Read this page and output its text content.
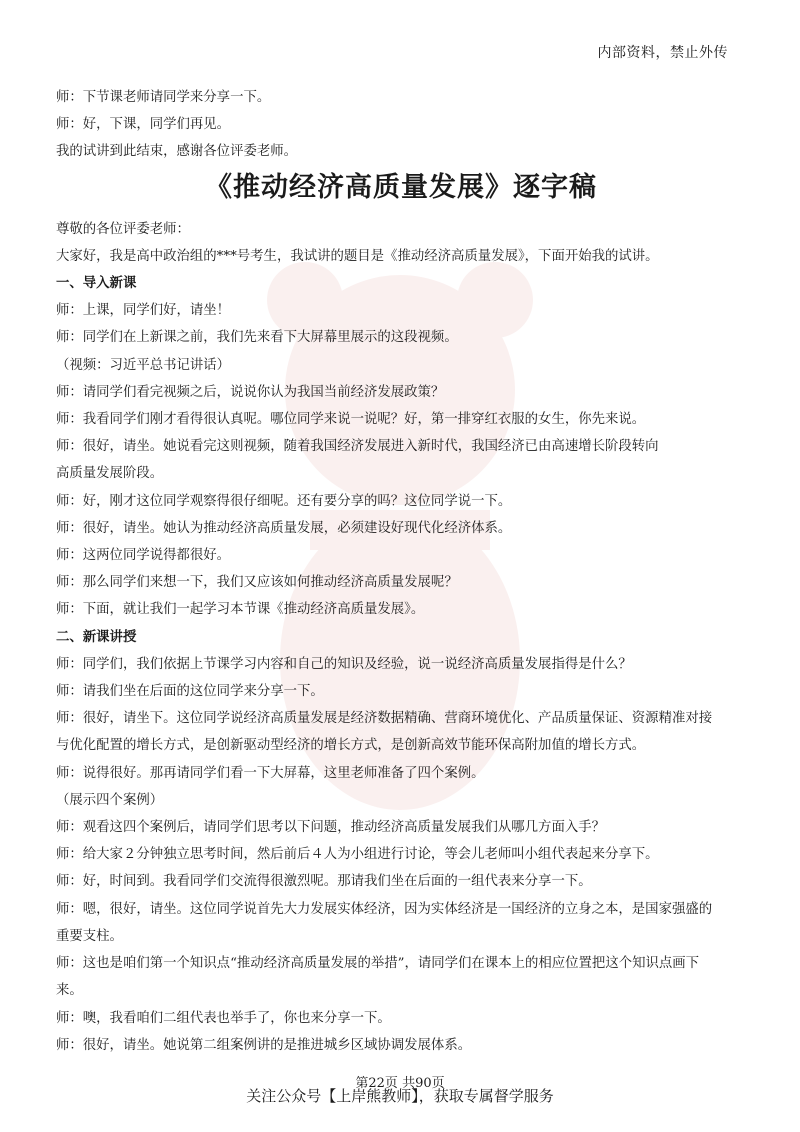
内部资料，禁止外传
师：下节课老师请同学来分享一下。
师：好，下课，同学们再见。
我的试讲到此结束，感谢各位评委老师。
《推动经济高质量发展》逐字稿
尊敬的各位评委老师：
大家好，我是高中政治组的***号考生，我试讲的题目是《推动经济高质量发展》，下面开始我的试讲。
一、导入新课
师：上课，同学们好，请坐！
师：同学们在上新课之前，我们先来看下大屏幕里展示的这段视频。
（视频：习近平总书记讲话）
师：请同学们看完视频之后，说说你认为我国当前经济发展政策？
师：我看同学们刚才看得很认真呢。哪位同学来说一说呢？好，第一排穿红衣服的女生，你先来说。
师：很好，请坐。她说看完这则视频，随着我国经济发展进入新时代，我国经济已由高速增长阶段转向
高质量发展阶段。
师：好，刚才这位同学观察得很仔细呢。还有要分享的吗？这位同学说一下。
师：很好，请坐。她认为推动经济高质量发展，必须建设好现代化经济体系。
师：这两位同学说得都很好。
师：那么同学们来想一下，我们又应该如何推动经济高质量发展呢？
师：下面，就让我们一起学习本节课《推动经济高质量发展》。
二、新课讲授
师：同学们，我们依据上节课学习内容和自己的知识及经验，说一说经济高质量发展指得是什么？
师：请我们坐在后面的这位同学来分享一下。
师：很好，请坐下。这位同学说经济高质量发展是经济数据精确、营商环境优化、产品质量保证、资源精准对接
与优化配置的增长方式，是创新驱动型经济的增长方式，是创新高效节能环保高附加值的增长方式。
师：说得很好。那再请同学们看一下大屏幕，这里老师准备了四个案例。
（展示四个案例）
师：观看这四个案例后，请同学们思考以下问题，推动经济高质量发展我们从哪几方面入手？
师：给大家２分钟独立思考时间，然后前后４人为小组进行讨论，等会儿老师叫小组代表起来分享下。
师：好，时间到。我看同学们交流得很激烈呢。那请我们坐在后面的一组代表来分享一下。
师：嗯，很好，请坐。这位同学说首先大力发展实体经济，因为实体经济是一国经济的立身之本，是国家强盛的
重要支柱。
师：这也是咱们第一个知识点“推动经济高质量发展的举措”，请同学们在课本上的相应位置把这个知识点画下
来。
师：噢，我看咱们二组代表也举手了，你也来分享一下。
师：很好，请坐。她说第二组案例讲的是推进城乡区域协调发展体系。
第22页 共90页
关注公众号【上岸熊教师】，获取专属督学服务
